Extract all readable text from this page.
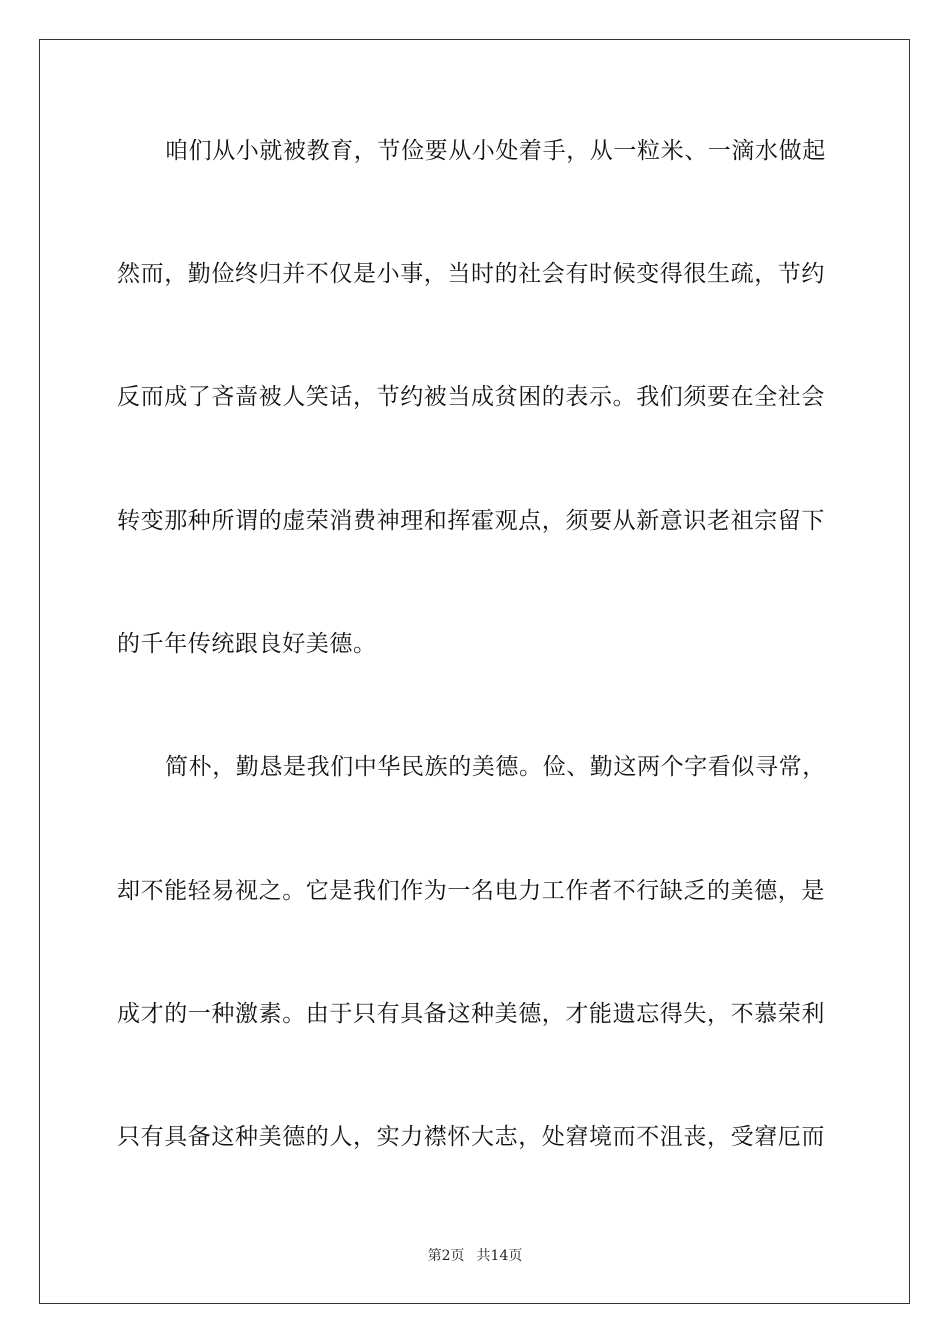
咱们从小就被教育，节俭要从小处着手，从一粒米、一滴水做起
然而，勤俭终归并不仅是小事，当时的社会有时候变得很生疏，节约
反而成了吝啬被人笑话，节约被当成贫困的表示。我们须要在全社会
转变那种所谓的虚荣消费神理和挥霍观点，须要从新意识老祖宗留下
的千年传统跟良好美德。
简朴，勤恳是我们中华民族的美德。俭、勤这两个字看似寻常，
却不能轻易视之。它是我们作为一名电力工作者不行缺乏的美德，是
成才的一种激素。由于只有具备这种美德，才能遗忘得失，不慕荣利
只有具备这种美德的人，实力襟怀大志，处窘境而不沮丧，受窘厄而
第2页 共14页
